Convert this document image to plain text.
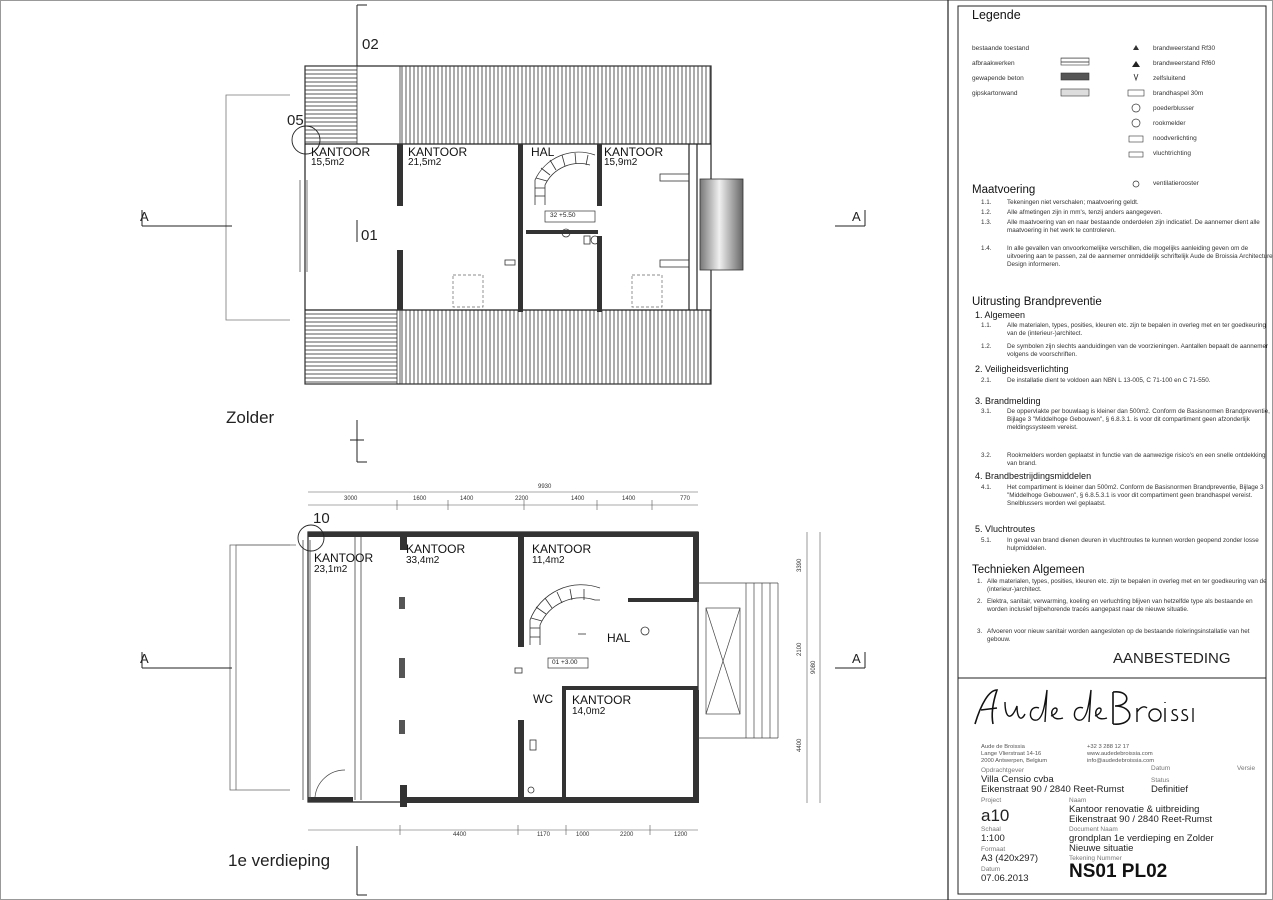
02
05
01
KANTOOR
15,5m2
KANTOOR
21,5m2
HAL	KANTOOR
15,9m2
32 +5.50
Zolder
A	A
A	A
10
KANTOOR
23,1m2
KANTOOR
33,4m2
KANTOOR
11,4m2
HAL
WC KANTOOR
14,0m2
01 +3.00
1e verdieping
9930
3000	1600	1400	2200	1400	1400	770
4400	1170	1000	2200	1200
3390
2100
9080
4400
Legende
bestaande toestand
afbraakwerken
gewapende beton
gipskartonwand
brandweerstand Rf30
brandweerstand Rf60
zelfsluitend
brandhaspel 30m
poederblusser
rookmelder
noodverlichting
vluchtrichting
ventilatierooster
Maatvoering
1.1. Tekeningen niet verschalen; maatvoering geldt.
1.2. Alle afmetingen zijn in mm's, tenzij anders aangegeven.
1.3. Alle maatvoering van en naar bestaande onderdelen zijn indicatief. De aannemer dient alle maatvoering in het werk te controleren.
1.4. In alle gevallen van onvoorkomelijke verschillen, die mogelijks aanleiding geven om de uitvoering aan te passen, zal de aannemer onmiddelijk schriftelijk Aude de Broissia Architecture Design informeren.
Uitrusting Brandpreventie
1. Algemeen
1.1. Alle materialen, types, posities, kleuren etc. zijn te bepalen in overleg met en ter goedkeuring van de (interieur-)architect.
1.2. De symbolen zijn slechts aanduidingen van de voorzieningen. Aantallen bepaalt de aannemer volgens de voorschriften.
2. Veiligheidsverlichting
2.1. De installatie dient te voldoen aan NBN L 13-005, C 71-100 en C 71-550.
3. Brandmelding
3.1. De oppervlakte per bouwlaag is kleiner dan 500m2. Conform de Basisnormen Brandpreventie, Bijlage 3 "Middelhoge Gebouwen", § 6.8.3.1. is voor dit compartiment geen afzonderlijk meldingssysteem vereist.
3.2. Rookmelders worden geplaatst in functie van de aanwezige risico's en een snelle ontdekking van brand.
4. Brandbestrijdingsmiddelen
4.1. Het compartiment is kleiner dan 500m2. Conform de Basisnormen Brandpreventie, Bijlage 3 "Middelhoge Gebouwen", § 6.8.5.3.1 is voor dit compartiment geen brandhaspel vereist. Snelblussers worden wel geplaatst.
5. Vluchtroutes
5.1. In geval van brand dienen deuren in vluchtroutes te kunnen worden geopend zonder losse hulpmiddelen.
Technieken Algemeen
1. Alle materialen, types, posities, kleuren etc. zijn te bepalen in overleg met en ter goedkeuring van de (interieur-)architect.
2. Elektra, sanitair, verwarming, koeling en verluchting blijven van hetzelfde type als bestaande en worden inclusief bijbehorende tracés aangepast naar de nieuwe situatie.
3. Afvoeren voor nieuw sanitair worden aangesloten op de bestaande rioleringsinstallatie van het gebouw.
AANBESTEDING
Aude de Broissia
Lange Vlierstraat 14-16
2000 Antwerpen, Belgium
+32 3 288 12 17
www.audedebroissia.com
info@audedebroissia.com
Opdrachtgever
Villa Censio cvba
Eikenstraat 90 / 2840 Reet-Rumst
Datum	Versie
Status
Definitief
Project
a10
Naam
Kantoor renovatie & uitbreiding
Eikenstraat 90 / 2840 Reet-Rumst
Schaal
1:100
Document Naam
grondplan 1e verdieping en Zolder
Nieuwe situatie
Formaat
A3 (420x297)	Tekening Nummer
NS01 PL02
Datum
07.06.2013
